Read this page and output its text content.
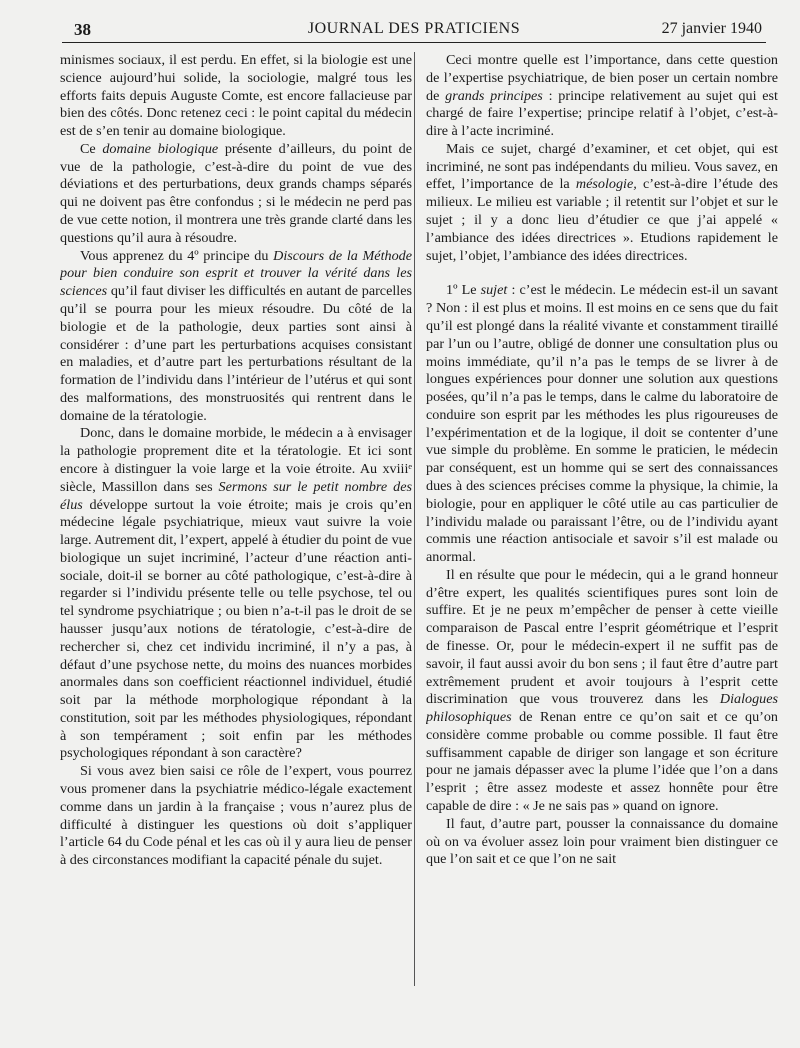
38	JOURNAL DES PRATICIENS	27 janvier 1940

minismes sociaux, il est perdu. En effet, si la biologie est une science aujourd’hui solide, la sociologie, malgré tous les efforts faits depuis Auguste Comte, est encore fallacieuse par bien des côtés. Donc retenez ceci : le point capital du médecin est de s’en tenir au domaine biologique.

Ce domaine biologique présente d’ailleurs, du point de vue de la pathologie, c’est-à-dire du point de vue des déviations et des perturbations, deux grands champs séparés qui ne doivent pas être confondus ; si le médecin ne perd pas de vue cette notion, il montrera une très grande clarté dans les questions qu’il aura à résoudre.

Vous apprenez du 4º principe du Discours de la Méthode pour bien conduire son esprit et trouver la vérité dans les sciences qu’il faut diviser les difficultés en autant de parcelles qu’il se pourra pour les mieux résoudre. Du côté de la biologie et de la pathologie, deux parties sont ainsi à considérer : d’une part les perturbations acquises consistant en maladies, et d’autre part les perturbations résultant de la formation de l’individu dans l’intérieur de l’utérus et qui sont des malformations, des monstruosités qui rentrent dans le domaine de la tératologie.

Donc, dans le domaine morbide, le médecin a à envisager la pathologie proprement dite et la tératologie. Et ici sont encore à distinguer la voie large et la voie étroite. Au xviiiᵉ siècle, Massillon dans ses Sermons sur le petit nombre des élus développe surtout la voie étroite; mais je crois qu’en médecine légale psychiatrique, mieux vaut suivre la voie large. Autrement dit, l’expert, appelé à étudier du point de vue biologique un sujet incriminé, l’acteur d’une réaction anti-sociale, doit-il se borner au côté pathologique, c’est-à-dire à regarder si l’individu présente telle ou telle psychose, tel ou tel syndrome psychiatrique ; ou bien n’a-t-il pas le droit de se hausser jusqu’aux notions de tératologie, c’est-à-dire de rechercher si, chez cet individu incriminé, il n’y a pas, à défaut d’une psychose nette, du moins des nuances morbides anormales dans son coefficient réactionnel individuel, étudié soit par la méthode morphologique répondant à la constitution, soit par les méthodes physiologiques, répondant à son tempérament ; soit enfin par les méthodes psychologiques répondant à son caractère?

Si vous avez bien saisi ce rôle de l’expert, vous pourrez vous promener dans la psychiatrie médico-légale exactement comme dans un jardin à la française ; vous n’aurez plus de difficulté à distinguer les questions où doit s’appliquer l’article 64 du Code pénal et les cas où il y aura lieu de penser à des circonstances modifiant la capacité pénale du sujet.

Ceci montre quelle est l’importance, dans cette question de l’expertise psychiatrique, de bien poser un certain nombre de grands principes : principe relativement au sujet qui est chargé de faire l’expertise; principe relatif à l’objet, c’est-à-dire à l’acte incriminé.

Mais ce sujet, chargé d’examiner, et cet objet, qui est incriminé, ne sont pas indépendants du milieu. Vous savez, en effet, l’importance de la mésologie, c’est-à-dire l’étude des milieux. Le milieu est variable ; il retentit sur l’objet et sur le sujet ; il y a donc lieu d’étudier ce que j’ai appelé « l’ambiance des idées directrices ». Etudions rapidement le sujet, l’objet, l’ambiance des idées directrices.

1º Le sujet : c’est le médecin. Le médecin est-il un savant ? Non : il est plus et moins. Il est moins en ce sens que du fait qu’il est plongé dans la réalité vivante et constamment tiraillé par l’un ou l’autre, obligé de donner une consultation plus ou moins immédiate, qu’il n’a pas le temps de se livrer à de longues expériences pour donner une solution aux questions posées, qu’il n’a pas le temps, dans le calme du laboratoire de conduire son esprit par les méthodes les plus rigoureuses de l’expérimentation et de la logique, il doit se contenter d’une vue simple du problème. En somme le praticien, le médecin par conséquent, est un homme qui se sert des connaissances dues à des sciences précises comme la physique, la chimie, la biologie, pour en appliquer le côté utile au cas particulier de l’individu malade ou paraissant l’être, ou de l’individu ayant commis une réaction antisociale et savoir s’il est malade ou anormal.

Il en résulte que pour le médecin, qui a le grand honneur d’être expert, les qualités scientifiques pures sont loin de suffire. Et je ne peux m’empêcher de penser à cette vieille comparaison de Pascal entre l’esprit géométrique et l’esprit de finesse. Or, pour le médecin-expert il ne suffit pas de savoir, il faut aussi avoir du bon sens ; il faut être d’autre part extrêmement prudent et avoir toujours à l’esprit cette discrimination que vous trouverez dans les Dialogues philosophiques de Renan entre ce qu’on sait et ce qu’on considère comme probable ou comme possible. Il faut être suffisamment capable de diriger son langage et son écriture pour ne jamais dépasser avec la plume l’idée que l’on a dans l’esprit ; être assez modeste et assez honnête pour être capable de dire : « Je ne sais pas » quand on ignore.

Il faut, d’autre part, pousser la connaissance du domaine où on va évoluer assez loin pour vraiment bien distinguer ce que l’on sait et ce que l’on ne sait
